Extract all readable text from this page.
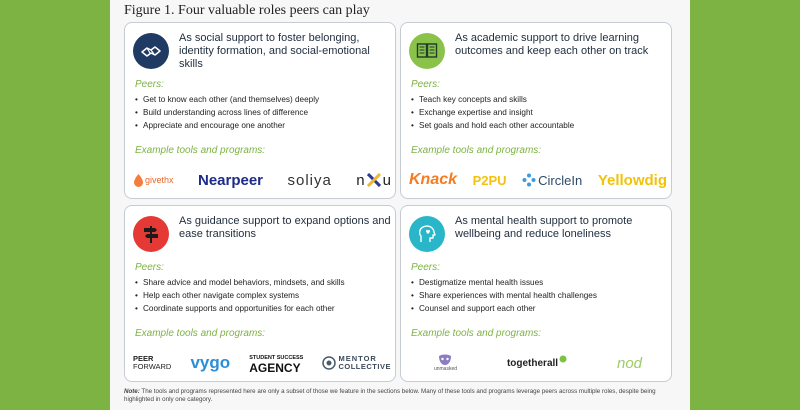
Figure 1. Four valuable roles peers can play
As social support to foster belonging, identity formation, and social-emotional skills
Peers:
• Get to know each other (and themselves) deeply
• Build understanding across lines of difference
• Appreciate and encourage one another
Example tools and programs:
givethx Nearpeer soliya n u
As academic support to drive learning outcomes and keep each other on track
Peers:
• Teach key concepts and skills
• Exchange expertise and insight
• Set goals and hold each other accountable
Example tools and programs:
Knack P2PU CircleIn Yellowdig
As guidance support to expand options and ease transitions
Peers:
• Share advice and model behaviors, mindsets, and skills
• Help each other navigate complex systems
• Coordinate supports and opportunities for each other
Example tools and programs:
PEER
FORWARD vygo	STUDENT SUCCESS
AGENCY
MENTOR
COLLECTIVE
As mental health support to promote wellbeing and reduce loneliness
Peers:
• Destigmatize mental health issues
• Share experiences with mental health challenges
• Counsel and support each other
Example tools and programs:
unmasked
togetherall	nod
Note: The tools and programs represented here are only a subset of those we feature in the sections below. Many of these tools and programs leverage peers across multiple roles, despite being highlighted in only one category.
